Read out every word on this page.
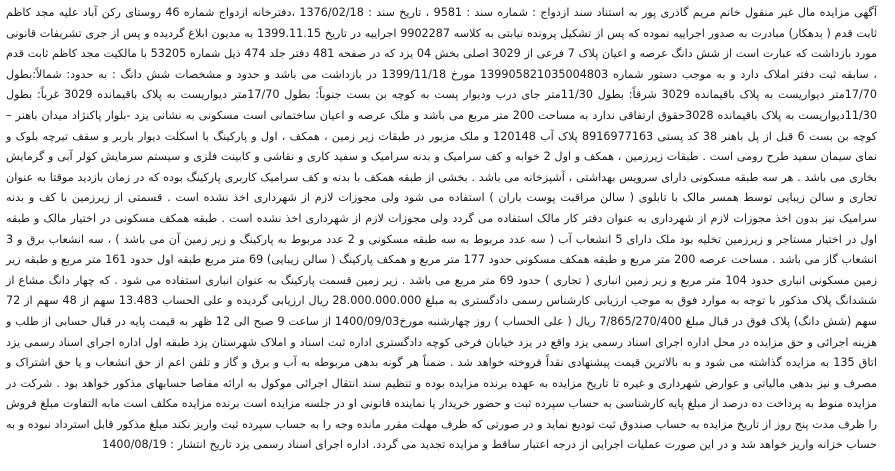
آگهی مزایده مال غیر منقول خانم مریم گاذری پور به استناد سند ازدواج : شماره سند : 9581 ، تاریخ سند : 1376/02/18 ،دفترخانه ازدواج شماره 46 روستای رکن آباد علیه مجد کاظم ثابت قدم ( بدهکار) مبادرت به صدور اجراییه نموده که پس از تشکیل پرونده نیابتی به کلاسه 9902287 اجراییه در تاریخ 1399.11.15 به مدیون ابلاغ گردیده و پس از جری تشریفات قانونی مورد بازداشت که عبارت است از شش دانگ عرصه و اعیان پلاک 7 فرعی از 3029 اصلی بخش 04 یزد که در صفحه 481 دفتر جلد 474 ذیل شماره 53205 با مالکیت مجد کاظم ثابت قدم ، سابقه ثبت دفتر املاک دارد و به موجب دستور شماره 139905821035004803 مورخ 1399/11/18 در بازداشت می باشد و حدود و مشخصات شش دانگ : به حدود: شمالاً:بطول 17/70متر دیواریست به پلاک باقیمانده 3029 شرقاً: بطول 11/30متر جای درب ودیوار پست به کوچه بن بست جنوباً: بطول 17/70متر دیواریست به پلاک باقیمانده 3029 غرباً: بطول 11/30دیواریست به پلاک باقیمانده 3028حقوق ارتفاقی ندارد به مساحت 200 متر مربع می باشد و ملک عرصه و اعیان ساختمانی است مسکونی به نشانی یزد -بلوار پاکنژاد میدان باهنر – کوچه بن بست 6 قبل از پل باهنر 38 کد پستی 8916977163 پلاک آب 120148 و ملک مزبور در طبقات زیر زمین ، همکف ، اول و پارکینگ با اسکلت دیوار باربر و سقف تیرچه بلوک و نمای سیمان سفید طرح رومی است . طبقات زیرزمین ، همکف و اول 2 خوابه و کف سرامیک و بدنه سرامیک و سفید کاری و نقاشی و کابینت فلزی و سیستم سرمایش کولر آبی و گرمایش بخاری می باشد . هر سه طبقه مسکونی دارای سرویس بهداشتی ، آشپزخانه می باشد . بخشی از طبقه همکف با بدنه و کف سرامیک کاربری پارکینگ بوده که در زمان بازدید موقتا به عنوان تجاری و سالن زیبایی توسط همسر مالک با تابلوی ( سالن مراقبت پوست باران ) استفاده می شود ولی مجوزات لازم از شهرداری اخذ نشده است . قسمتی از زیرزمین با کف و بدنه سرامیک نیز بدون اخذ مجوزات لازم از شهرداری به عنوان دفتر کار مالک استفاده می گردد ولی مجوزات لازم از شهرداری اخذ نشده است . طبقه همکف مسکونی در اختیار مالک و طبقه اول در اختیار مستاجر و زیرزمین تخلیه بود ملک دارای 5 انشعاب آب ( سه عدد مربوط به سه طبقه مسکونی و 2 عدد مربوط به پارکینگ و زیر زمین آن می باشد ) ، سه انشعاب برق و 3 انشعاب گاز می باشد . مساحت عرصه 200 متر مربع و طبقه همکف مسکونی حدود 177 متر مربع و همکف پارکینگ ( سالن زیبایی) 69 متر مربع طبقه اول حدود 161 متر مربع و طبقه زیر زمین مسکونی انباری حدود 104 متر مربع و زیر زمین انباری ( تجاری ) حدود 69 متر مربع می باشد . زیر زمین قسمت پارکینگ به عنوان انباری استفاده می شود . که چهار دانگ مشاع از ششدانگ پلاک مذکور با توجه به موارد فوق به موجب ارزیابی کارشناس رسمی دادگستری به مبلغ 28.000.000.000 ریال ارزیابی گردیده و علی الحساب 13.483 سهم از 48 سهم از 72 سهم (شش دانگ) پلاک فوق در قبال مبلغ 7/865/270/400 ریال ( علی الحساب ) روز چهارشنبه مورخ1400/09/03 از ساعت 9 صبح الی 12 ظهر به قیمت پایه در قبال حسابی از طلب و هزینه اجرائی و حق مزایده در محل اداره اجرای اسناد رسمی یزد واقع در یزد خیابان فرخی کوچه دادگستری اداره ثبت اسناد و املاک شهرستان یزد طبقه اول اداره اجرای اسناد رسمی یزد اتاق 135 به مزایده گذاشته می شود و به بالاترین قیمت پیشنهادی نقداً فروخته خواهد شد . ضمناً هر گونه بدهی مربوطه به آب و برق و گاز و تلفن اعم از حق انشعاب و یا حق اشتراک و مصرف و نیز بدهی مالیاتی و عوارض شهرداری و غیره تا تاریخ مزایده به عهده برنده مزایده بوده و تنظیم سند انتقال اجرائی موکول به ارائه مفاصا حسابهای مذکور خواهد بود . شرکت در مزایده منوط به پرداخت ده درصد از مبلغ پایه کارشناسی به حساب سپرده ثبت و حضور خریدار یا نماینده قانونی او در جلسه مزایده است برنده مزایده مکلف است مابه التفاوت مبلغ فروش را ظرف مدت پنج روز از تاریخ مزایده به حساب صندوق ثبت تودیع نماید و در صورتی که ظرف مهلت مقرر مانده وجه را به حساب سپرده ثبت واریز نکند مبلغ مذکور قابل استرداد نبوده و به حساب خزانه واریز خواهد شد و در این صورت عملیات اجرایی از درجه اعتبار ساقط و مزایده تجدید می گردد. اداره اجرای اسناد رسمی یزد تاریخ انتشار : 1400/08/19
